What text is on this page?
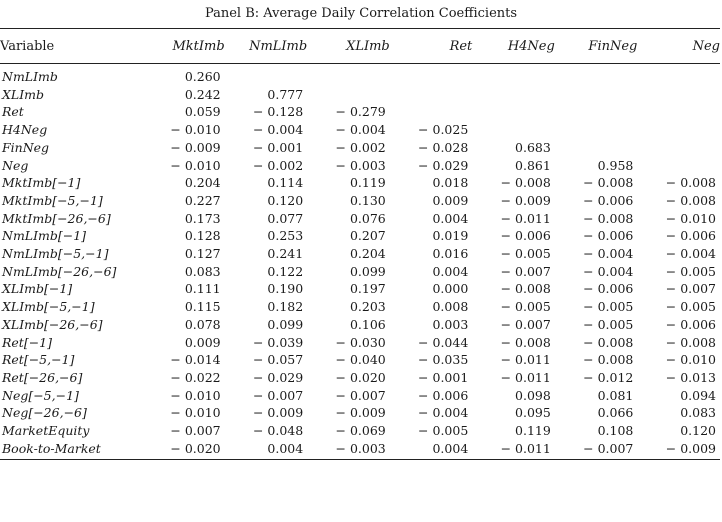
Panel B: Average Daily Correlation Coefficients
Variable	MktImb	NmLImb	XLImb	Ret	H4Neg	FinNeg	Neg
NmLImb	0.260						
XLImb	0.242	0.777					
Ret	0.059	− 0.128	− 0.279				
H4Neg	− 0.010	− 0.004	− 0.004	− 0.025			
FinNeg	− 0.009	− 0.001	− 0.002	− 0.028	0.683		
Neg	− 0.010	− 0.002	− 0.003	− 0.029	0.861	0.958	
MktImb[−1]	0.204	0.114	0.119	0.018	− 0.008	− 0.008	− 0.008
MktImb[−5,−1]	0.227	0.120	0.130	0.009	− 0.009	− 0.006	− 0.008
MktImb[−26,−6]	0.173	0.077	0.076	0.004	− 0.011	− 0.008	− 0.010
NmLImb[−1]	0.128	0.253	0.207	0.019	− 0.006	− 0.006	− 0.006
NmLImb[−5,−1]	0.127	0.241	0.204	0.016	− 0.005	− 0.004	− 0.004
NmLImb[−26,−6]	0.083	0.122	0.099	0.004	− 0.007	− 0.004	− 0.005
XLImb[−1]	0.111	0.190	0.197	0.000	− 0.008	− 0.006	− 0.007
XLImb[−5,−1]	0.115	0.182	0.203	0.008	− 0.005	− 0.005	− 0.005
XLImb[−26,−6]	0.078	0.099	0.106	0.003	− 0.007	− 0.005	− 0.006
Ret[−1]	0.009	− 0.039	− 0.030	− 0.044	− 0.008	− 0.008	− 0.008
Ret[−5,−1]	− 0.014	− 0.057	− 0.040	− 0.035	− 0.011	− 0.008	− 0.010
Ret[−26,−6]	− 0.022	− 0.029	− 0.020	− 0.001	− 0.011	− 0.012	− 0.013
Neg[−5,−1]	− 0.010	− 0.007	− 0.007	− 0.006	0.098	0.081	0.094
Neg[−26,−6]	− 0.010	− 0.009	− 0.009	− 0.004	0.095	0.066	0.083
MarketEquity	− 0.007	− 0.048	− 0.069	− 0.005	0.119	0.108	0.120
Book-to-Market	− 0.020	0.004	− 0.003	0.004	− 0.011	− 0.007	− 0.009
